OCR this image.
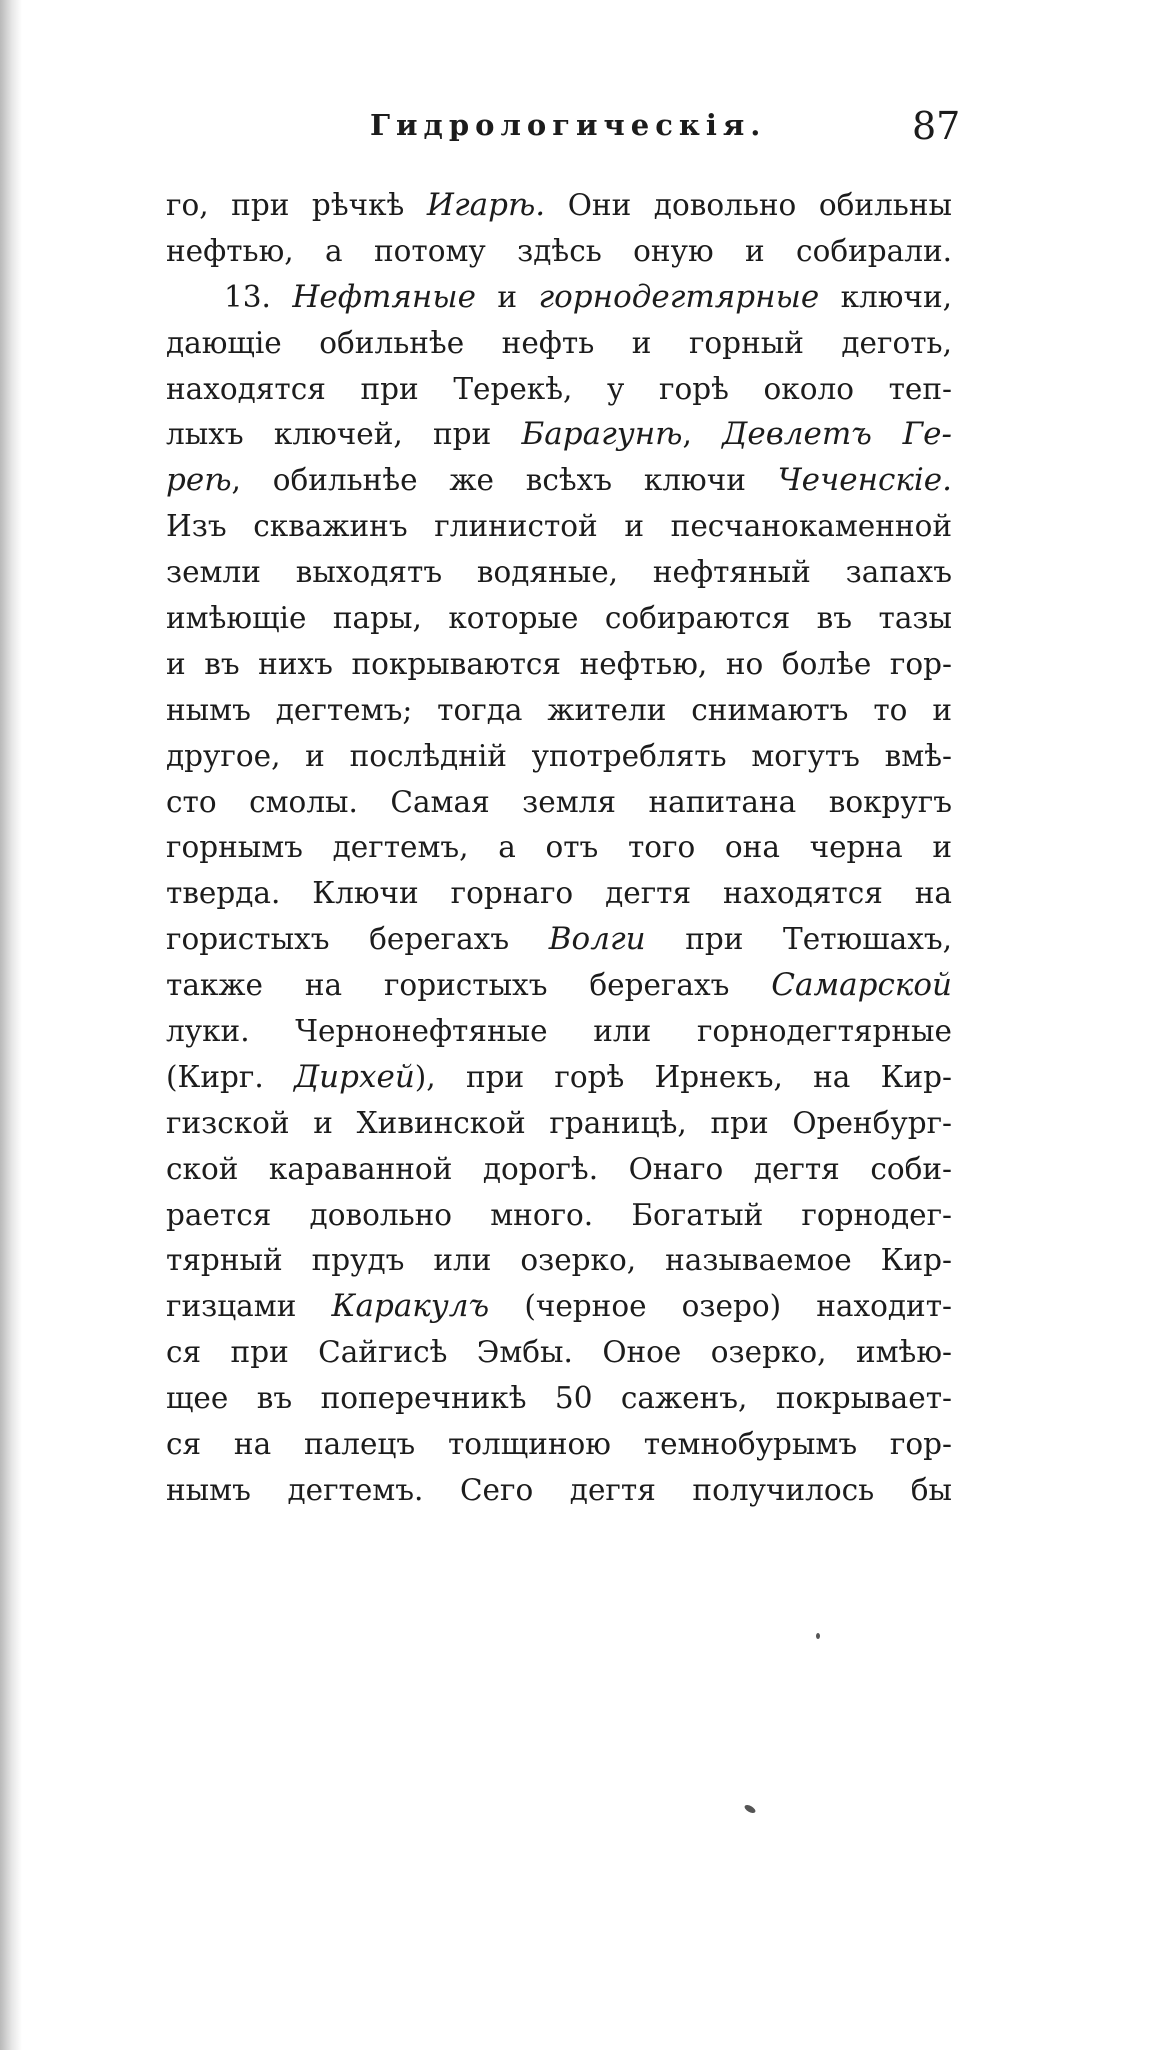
Гидрологическія.	87
го, при рѣчкѣ Игарѣ. Они довольно обильны
нефтью, а потому здѣсь оную и собирали.
13. Нефтяные и горнодегтярные ключи,
дающіе обильнѣе нефть и горный деготь,
находятся при Терекѣ, у горѣ около теп-
лыхъ ключей, при Барагунѣ, Девлетъ Ге-
реѣ, обильнѣе же всѣхъ ключи Чеченскіе.
Изъ скважинъ глинистой и песчанокаменной
земли выходятъ водяные, нефтяный запахъ
имѣющіе пары, которые собираются въ тазы
и въ нихъ покрываются нефтью, но болѣе гор-
нымъ дегтемъ; тогда жители снимаютъ то и
другое, и послѣдній употреблять могутъ вмѣ-
сто смолы. Самая земля напитана вокругъ
горнымъ дегтемъ, а отъ того она черна и
тверда. Ключи горнаго дегтя находятся на
гористыхъ берегахъ Волги при Тетюшахъ,
также на гористыхъ берегахъ Самарской
луки. Чернонефтяные или горнодегтярные
(Кирг. Дирхей), при горѣ Ирнекъ, на Кир-
гизской и Хивинской границѣ, при Оренбург-
ской караванной дорогѣ. Онаго дегтя соби-
рается довольно много. Богатый горнодег-
тярный прудъ или озерко, называемое Кир-
гизцами Каракулъ (черное озеро) находит-
ся при Сайгисѣ Эмбы. Оное озерко, имѣю-
щее въ поперечникѣ 50 саженъ, покрывает-
ся на палецъ толщиною темнобурымъ гор-
нымъ дегтемъ. Сего дегтя получилось бы
